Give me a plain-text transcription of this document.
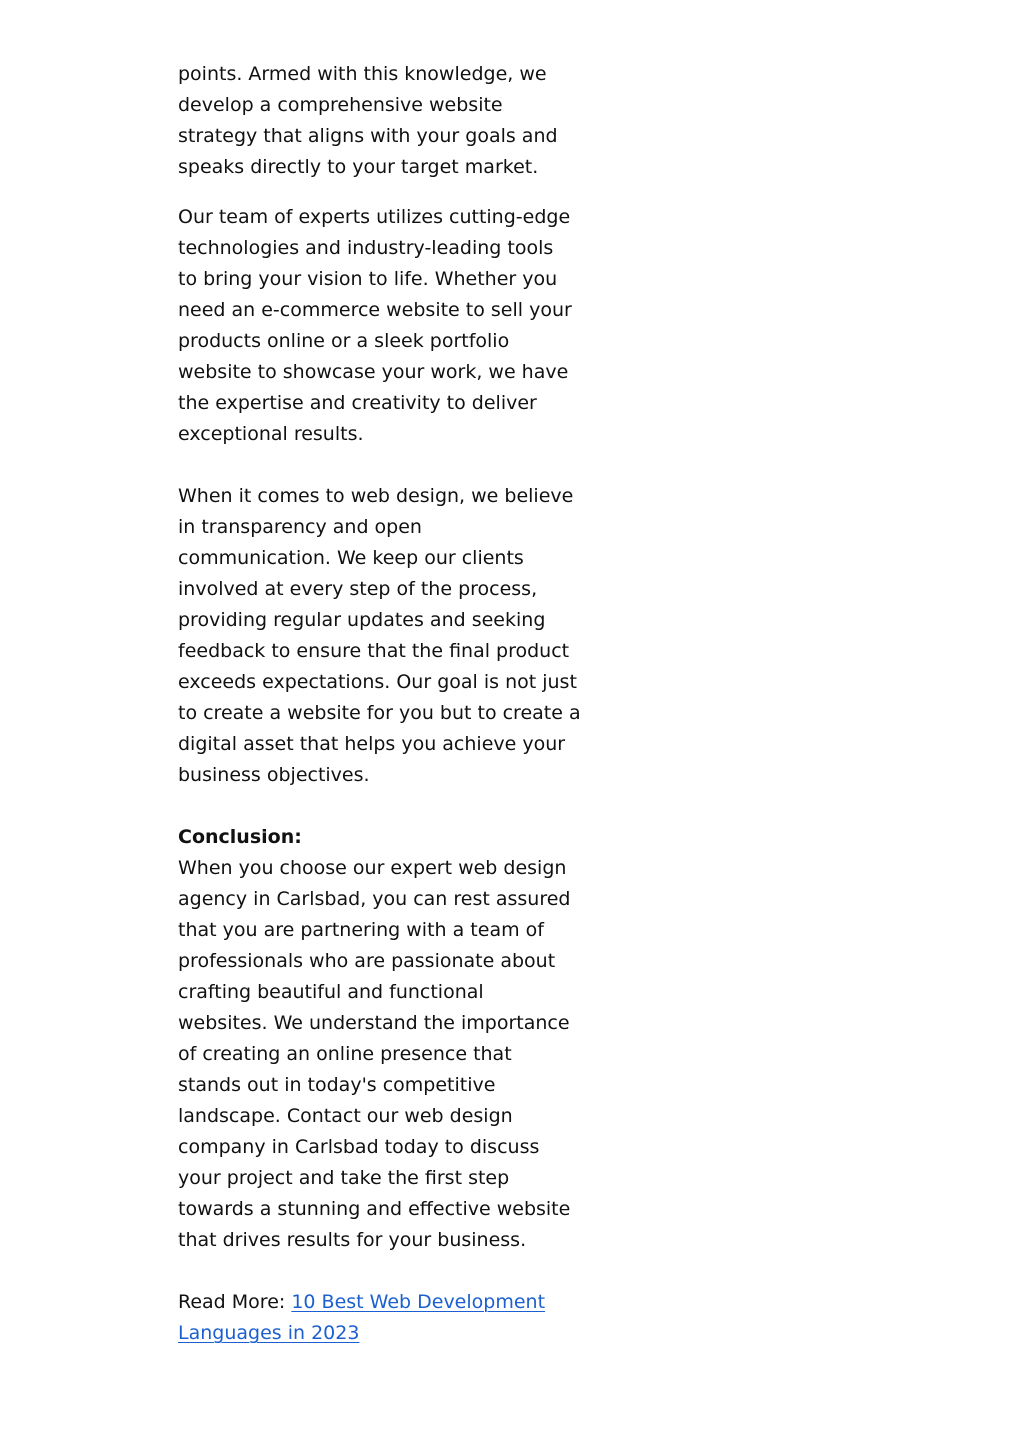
points. Armed with this knowledge, we
develop a comprehensive website
strategy that aligns with your goals and
speaks directly to your target market.
Our team of experts utilizes cutting-edge
technologies and industry-leading tools
to bring your vision to life. Whether you
need an e-commerce website to sell your
products online or a sleek portfolio
website to showcase your work, we have
the expertise and creativity to deliver
exceptional results.
When it comes to web design, we believe
in transparency and open
communication. We keep our clients
involved at every step of the process,
providing regular updates and seeking
feedback to ensure that the final product
exceeds expectations. Our goal is not just
to create a website for you but to create a
digital asset that helps you achieve your
business objectives.
Conclusion:
When you choose our expert web design
agency in Carlsbad, you can rest assured
that you are partnering with a team of
professionals who are passionate about
crafting beautiful and functional
websites. We understand the importance
of creating an online presence that
stands out in today's competitive
landscape. Contact our web design
company in Carlsbad today to discuss
your project and take the first step
towards a stunning and effective website
that drives results for your business.
Read More: 10 Best Web Development
Languages in 2023
